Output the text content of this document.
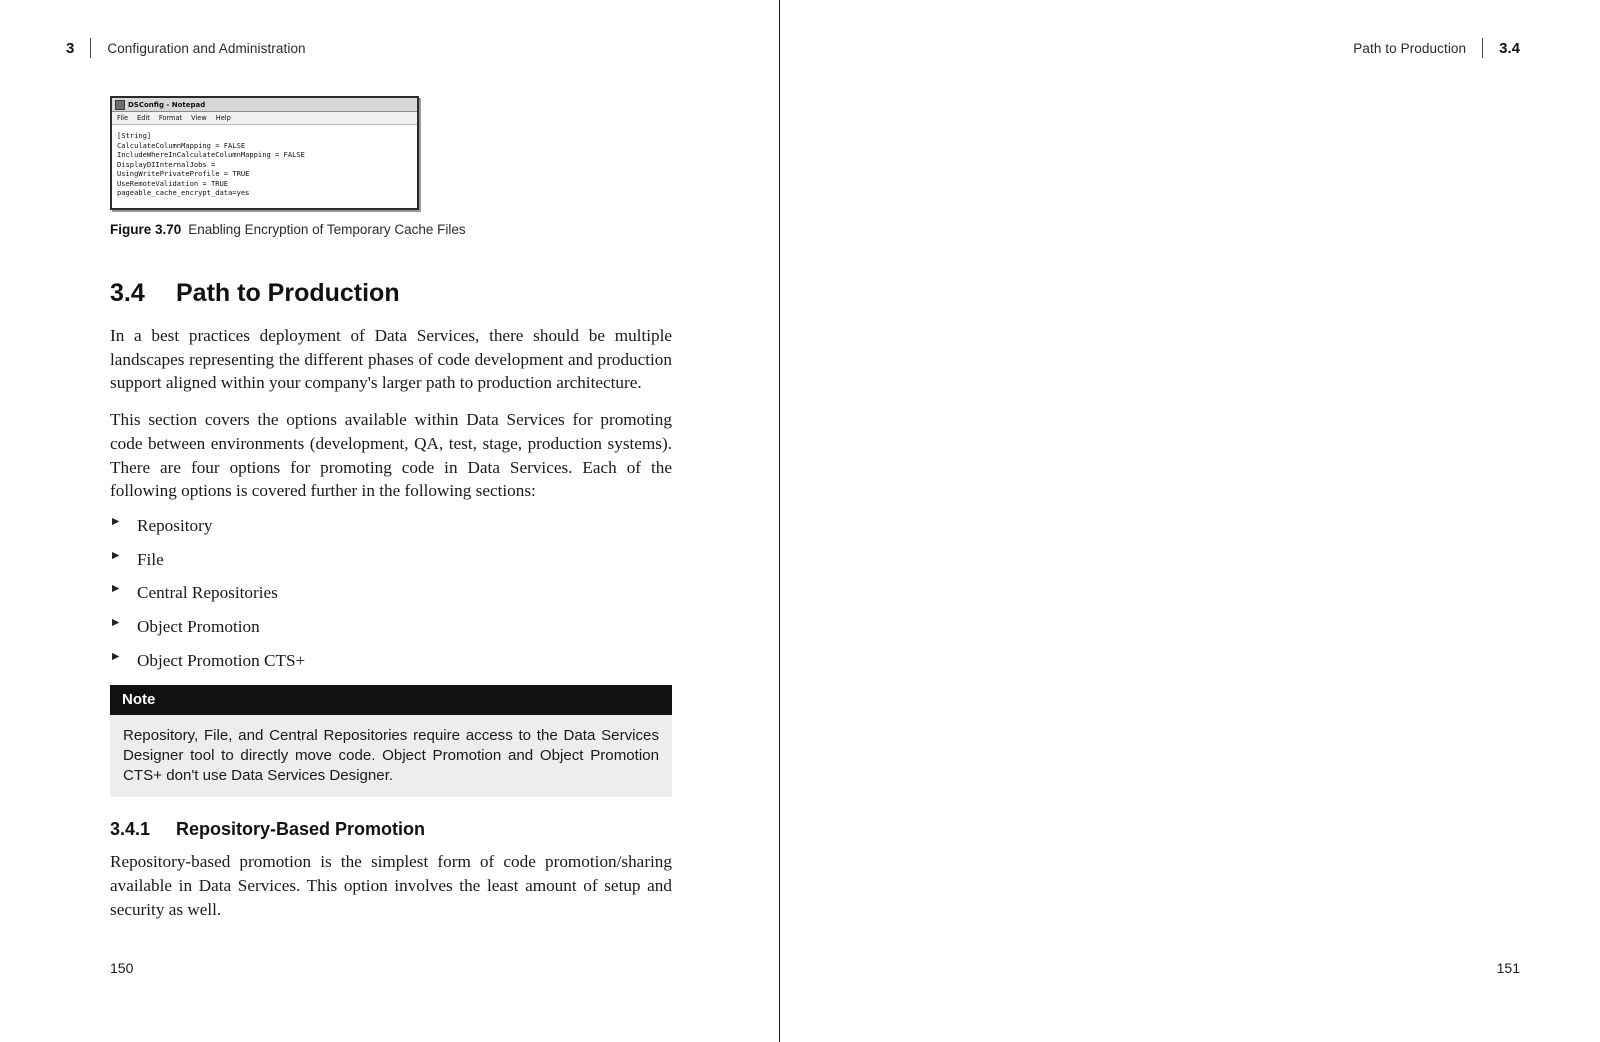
3 Configuration and Administration
DSConfig - Notepad
File Edit Format View Help
[String]
CalculateColumnMapping = FALSE
IncludeWhereInCalculateColumnMapping = FALSE
DisplayDIInternalJobs =
UsingWritePrivateProfile = TRUE
UseRemoteValidation = TRUE
pageable_cache_encrypt_data=yes
Figure 3.70 Enabling Encryption of Temporary Cache Files
3.4	Path to Production

In a best practices deployment of Data Services, there should be multiple landscapes representing the different phases of code development and production support aligned within your company's larger path to production architecture.

This section covers the options available within Data Services for promoting code between environments (development, QA, test, stage, production systems). There are four options for promoting code in Data Services. Each of the following options is covered further in the following sections:

▶ Repository
▶ File
▶ Central Repositories
▶ Object Promotion
▶ Object Promotion CTS+
Note
Repository, File, and Central Repositories require access to the Data Services Designer tool to directly move code. Object Promotion and Object Promotion CTS+ don't use Data Services Designer.
3.4.1	Repository-Based Promotion

Repository-based promotion is the simplest form of code promotion/sharing available in Data Services. This option involves the least amount of setup and security as well.

150
Path to Production 3.4

151
